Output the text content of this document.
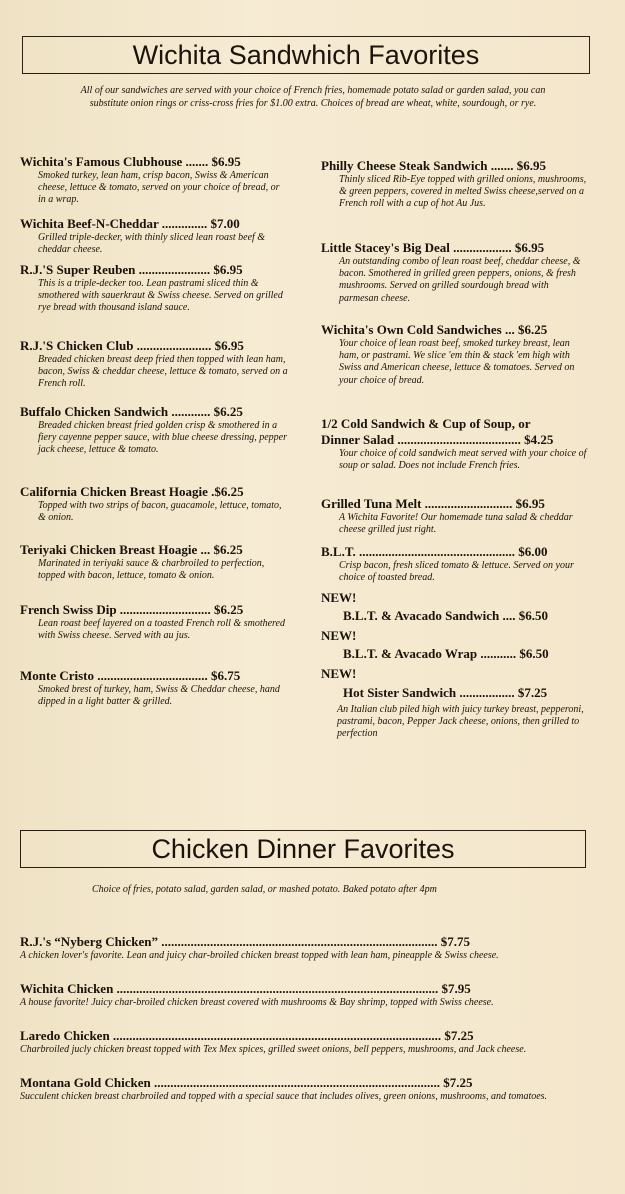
Wichita Sandwhich Favorites
All of our sandwiches are served with your choice of French fries, homemade potato salad or garden salad, you can substitute onion rings or criss-cross fries for $1.00 extra. Choices of bread are wheat, white, sourdough, or rye.
Wichita's Famous Clubhouse ....... $6.95
Smoked turkey, lean ham, crisp bacon, Swiss & American cheese, lettuce & tomato, served on your choice of bread, or in a wrap.
Wichita Beef-N-Cheddar .............. $7.00
Grilled triple-decker, with thinly sliced lean roast beef & cheddar cheese.
R.J.'S Super Reuben ...................... $6.95
This is a triple-decker too. Lean pastrami sliced thin & smothered with sauerkraut & Swiss cheese. Served on grilled rye bread with thousand island sauce.
R.J.'S Chicken Club ....................... $6.95
Breaded chicken breast deep fried then topped with lean ham, bacon, Swiss & cheddar cheese, lettuce & tomato, served on a French roll.
Buffalo Chicken Sandwich ............ $6.25
Breaded chicken breast fried golden crisp & smothered in a fiery cayenne pepper sauce, with blue cheese dressing, pepper jack cheese, lettuce & tomato.
California Chicken Breast Hoagie .$6.25
Topped with two strips of bacon, guacamole, lettuce, tomato, & onion.
Teriyaki Chicken Breast Hoagie ... $6.25
Marinated in teriyaki sauce & charbroiled to perfection, topped with bacon, lettuce, tomato & onion.
French Swiss Dip ............................ $6.25
Lean roast beef layered on a toasted French roll & smothered with Swiss cheese. Served with au jus.
Monte Cristo .................................. $6.75
Smoked brest of turkey, ham, Swiss & Cheddar cheese, hand dipped in a light batter & grilled.
Philly Cheese Steak Sandwich ....... $6.95
Thinly sliced Rib-Eye topped with grilled onions, mushrooms, & green peppers, covered in melted Swiss cheese,served on a French roll with a cup of hot Au Jus.
Little Stacey's Big Deal .................. $6.95
An outstanding combo of lean roast beef, cheddar cheese, & bacon. Smothered in grilled green peppers, onions, & fresh mushrooms. Served on grilled sourdough bread with parmesan cheese.
Wichita's Own Cold Sandwiches ... $6.25
Your choice of lean roast beef, smoked turkey breast, lean ham, or pastrami. We slice 'em thin & stack 'em high with Swiss and American cheese, lettuce & tomatoes. Served on your choice of bread.
1/2 Cold Sandwich & Cup of Soup, or
Dinner Salad ...................................... $4.25
Your choice of cold sandwich meat served with your choice of soup or salad. Does not include French fries.
Grilled Tuna Melt ........................... $6.95
A Wichita Favorite! Our homemade tuna salad & cheddar cheese grilled just right.
B.L.T. ................................................ $6.00
Crisp bacon, fresh sliced tomato & lettuce. Served on your choice of toasted bread.
NEW!
B.L.T. & Avacado Sandwich .... $6.50
NEW!
B.L.T. & Avacado Wrap ........... $6.50
NEW!
Hot Sister Sandwich ................. $7.25
An Italian club piled high with juicy turkey breast, pepperoni, pastrami, bacon, Pepper Jack cheese, onions, then grilled to perfection
Chicken Dinner Favorites
Choice of fries, potato salad, garden salad, or mashed potato. Baked potato after 4pm
R.J.'s “Nyberg Chicken” ..................................................................................... $7.75
A chicken lover's favorite. Lean and juicy char-broiled chicken breast topped with lean ham, pineapple & Swiss cheese.
Wichita Chicken ................................................................................................... $7.95
A house favorite! Juicy char-broiled chicken breast covered with mushrooms & Bay shrimp, topped with Swiss cheese.
Laredo Chicken ..................................................................................................... $7.25
Charbroiled jucly chicken breast topped with Tex Mex spices, grilled sweet onions, bell peppers, mushrooms, and Jack cheese.
Montana Gold Chicken ........................................................................................ $7.25
Succulent chicken breast charbroiled and topped with a special sauce that includes olives, green onions, mushrooms, and tomatoes.
